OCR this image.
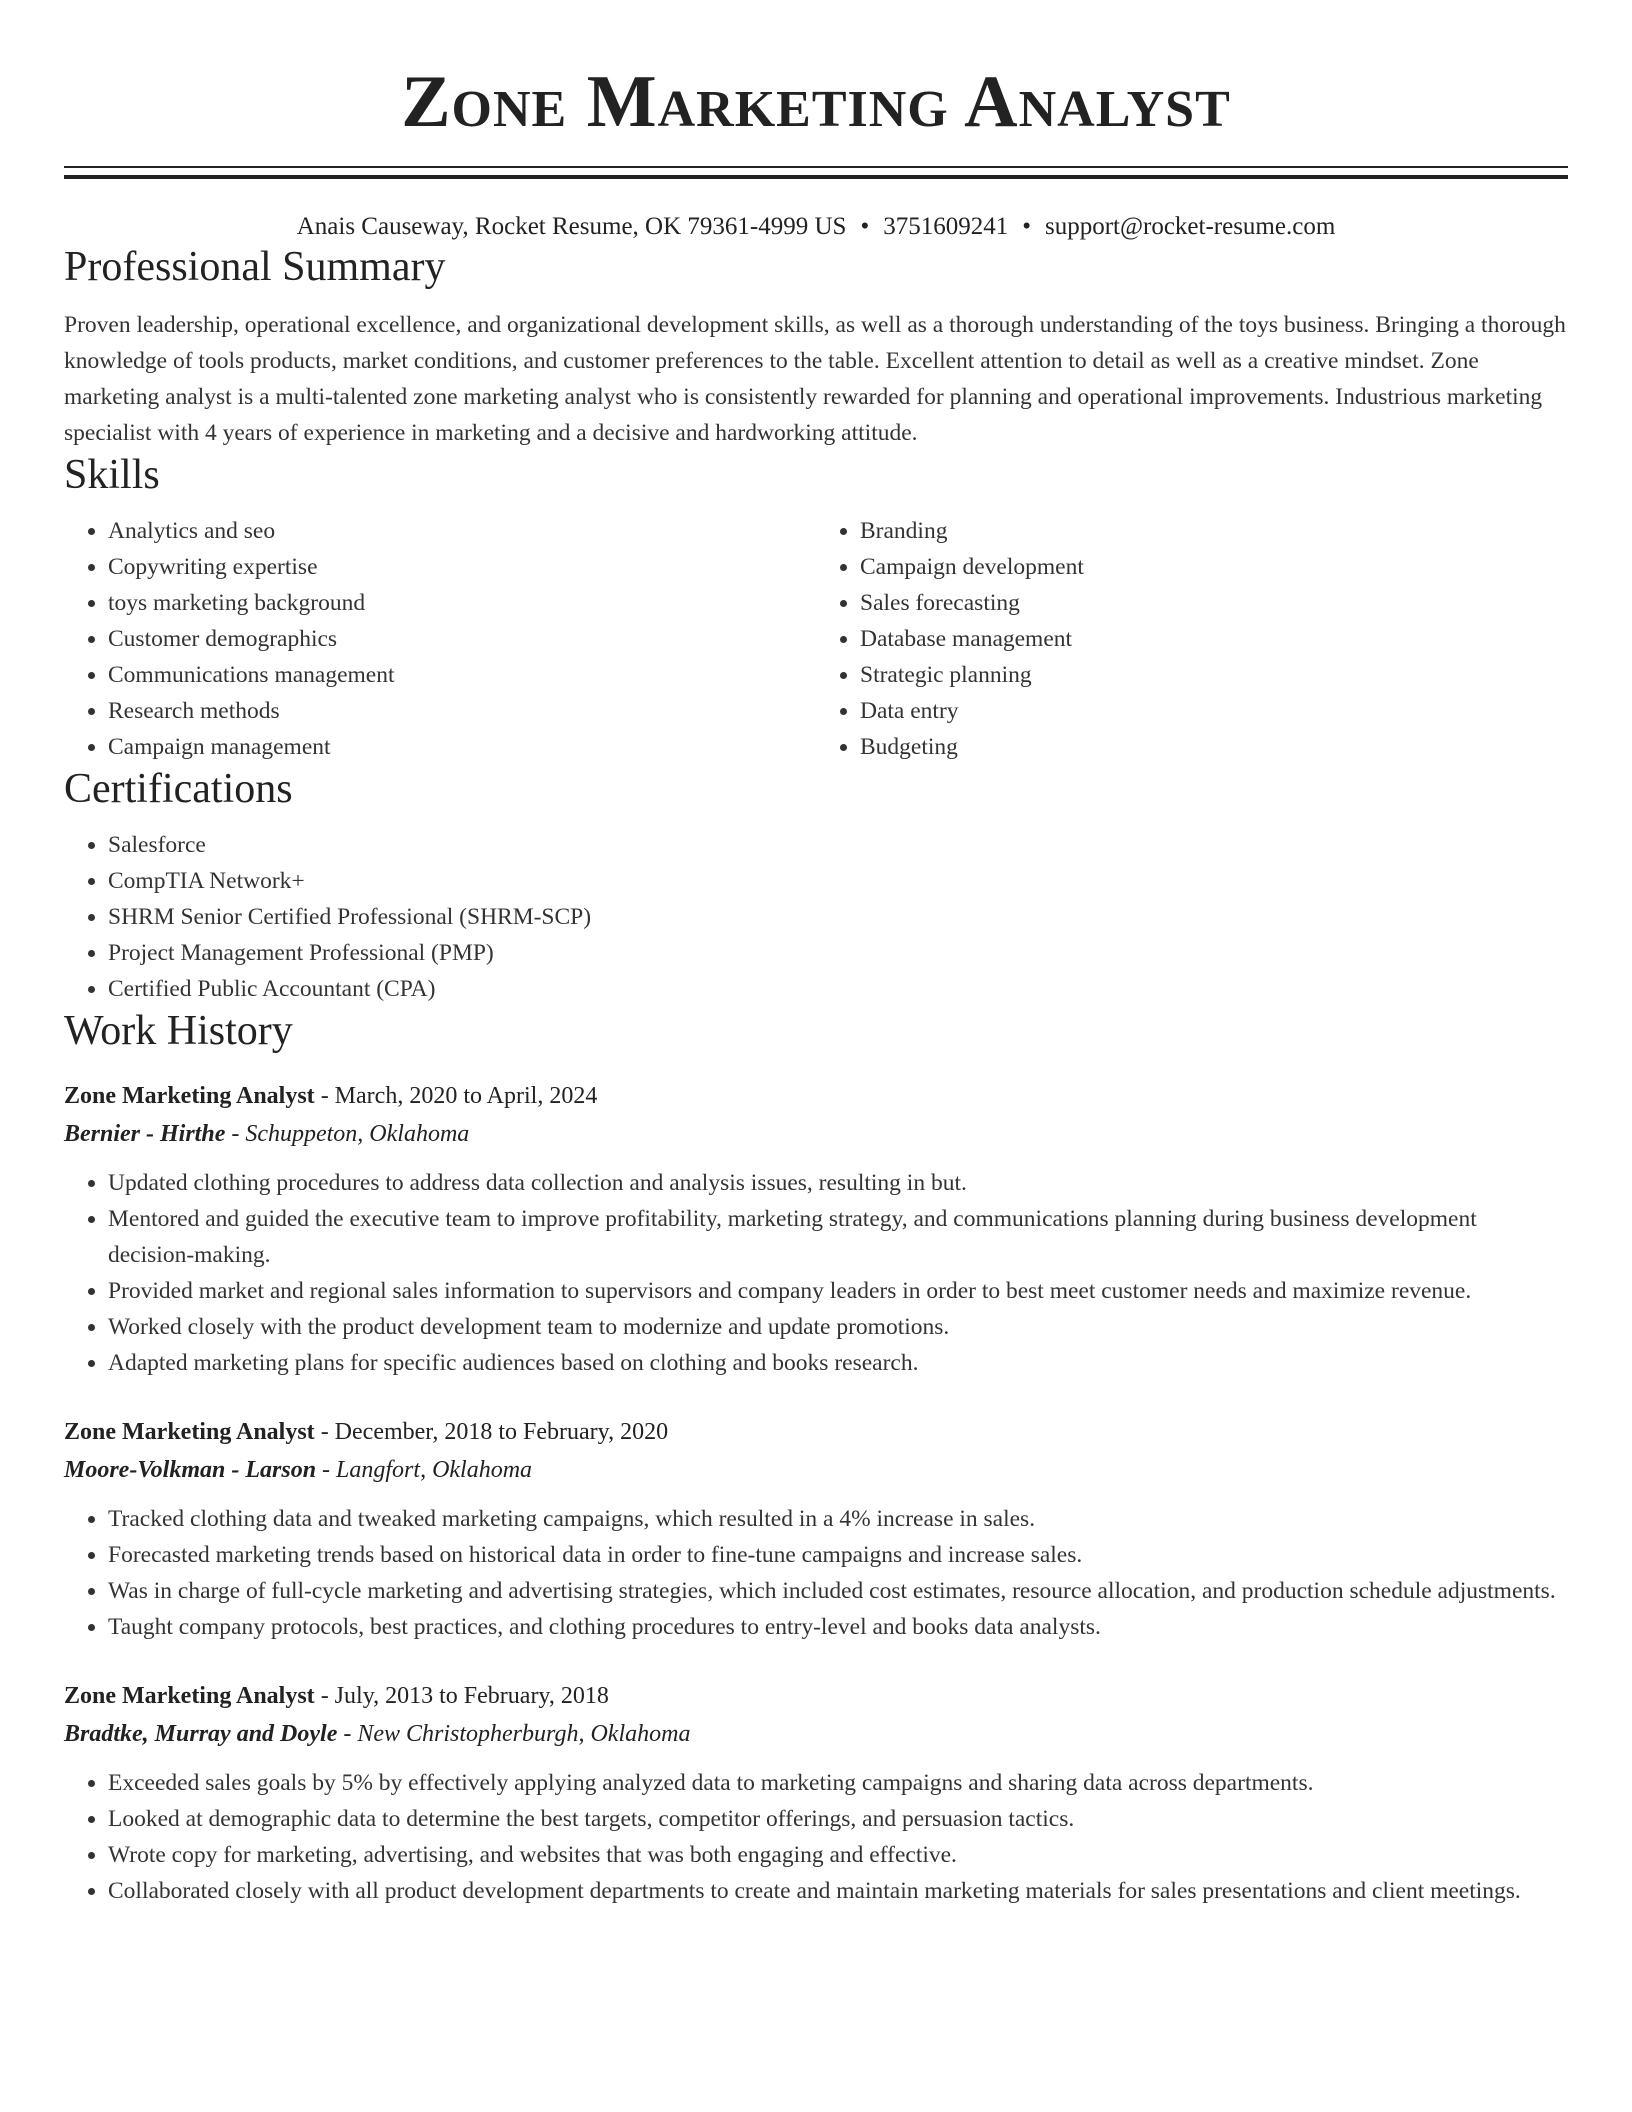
Zone Marketing Analyst
Anais Causeway, Rocket Resume, OK 79361-4999 US • 3751609241 • support@rocket-resume.com
Professional Summary
Proven leadership, operational excellence, and organizational development skills, as well as a thorough understanding of the toys business. Bringing a thorough knowledge of tools products, market conditions, and customer preferences to the table. Excellent attention to detail as well as a creative mindset. Zone marketing analyst is a multi-talented zone marketing analyst who is consistently rewarded for planning and operational improvements. Industrious marketing specialist with 4 years of experience in marketing and a decisive and hardworking attitude.
Skills
• Analytics and seo
• Copywriting expertise
• toys marketing background
• Customer demographics
• Communications management
• Research methods
• Campaign management
• Branding
• Campaign development
• Sales forecasting
• Database management
• Strategic planning
• Data entry
• Budgeting
Certifications
• Salesforce
• CompTIA Network+
• SHRM Senior Certified Professional (SHRM-SCP)
• Project Management Professional (PMP)
• Certified Public Accountant (CPA)
Work History
Zone Marketing Analyst - March, 2020 to April, 2024
Bernier - Hirthe - Schuppeton, Oklahoma
• Updated clothing procedures to address data collection and analysis issues, resulting in but.
• Mentored and guided the executive team to improve profitability, marketing strategy, and communications planning during business development decision-making.
• Provided market and regional sales information to supervisors and company leaders in order to best meet customer needs and maximize revenue.
• Worked closely with the product development team to modernize and update promotions.
• Adapted marketing plans for specific audiences based on clothing and books research.
Zone Marketing Analyst - December, 2018 to February, 2020
Moore-Volkman - Larson - Langfort, Oklahoma
• Tracked clothing data and tweaked marketing campaigns, which resulted in a 4% increase in sales.
• Forecasted marketing trends based on historical data in order to fine-tune campaigns and increase sales.
• Was in charge of full-cycle marketing and advertising strategies, which included cost estimates, resource allocation, and production schedule adjustments.
• Taught company protocols, best practices, and clothing procedures to entry-level and books data analysts.
Zone Marketing Analyst - July, 2013 to February, 2018
Bradtke, Murray and Doyle - New Christopherburgh, Oklahoma
• Exceeded sales goals by 5% by effectively applying analyzed data to marketing campaigns and sharing data across departments.
• Looked at demographic data to determine the best targets, competitor offerings, and persuasion tactics.
• Wrote copy for marketing, advertising, and websites that was both engaging and effective.
• Collaborated closely with all product development departments to create and maintain marketing materials for sales presentations and client meetings.
